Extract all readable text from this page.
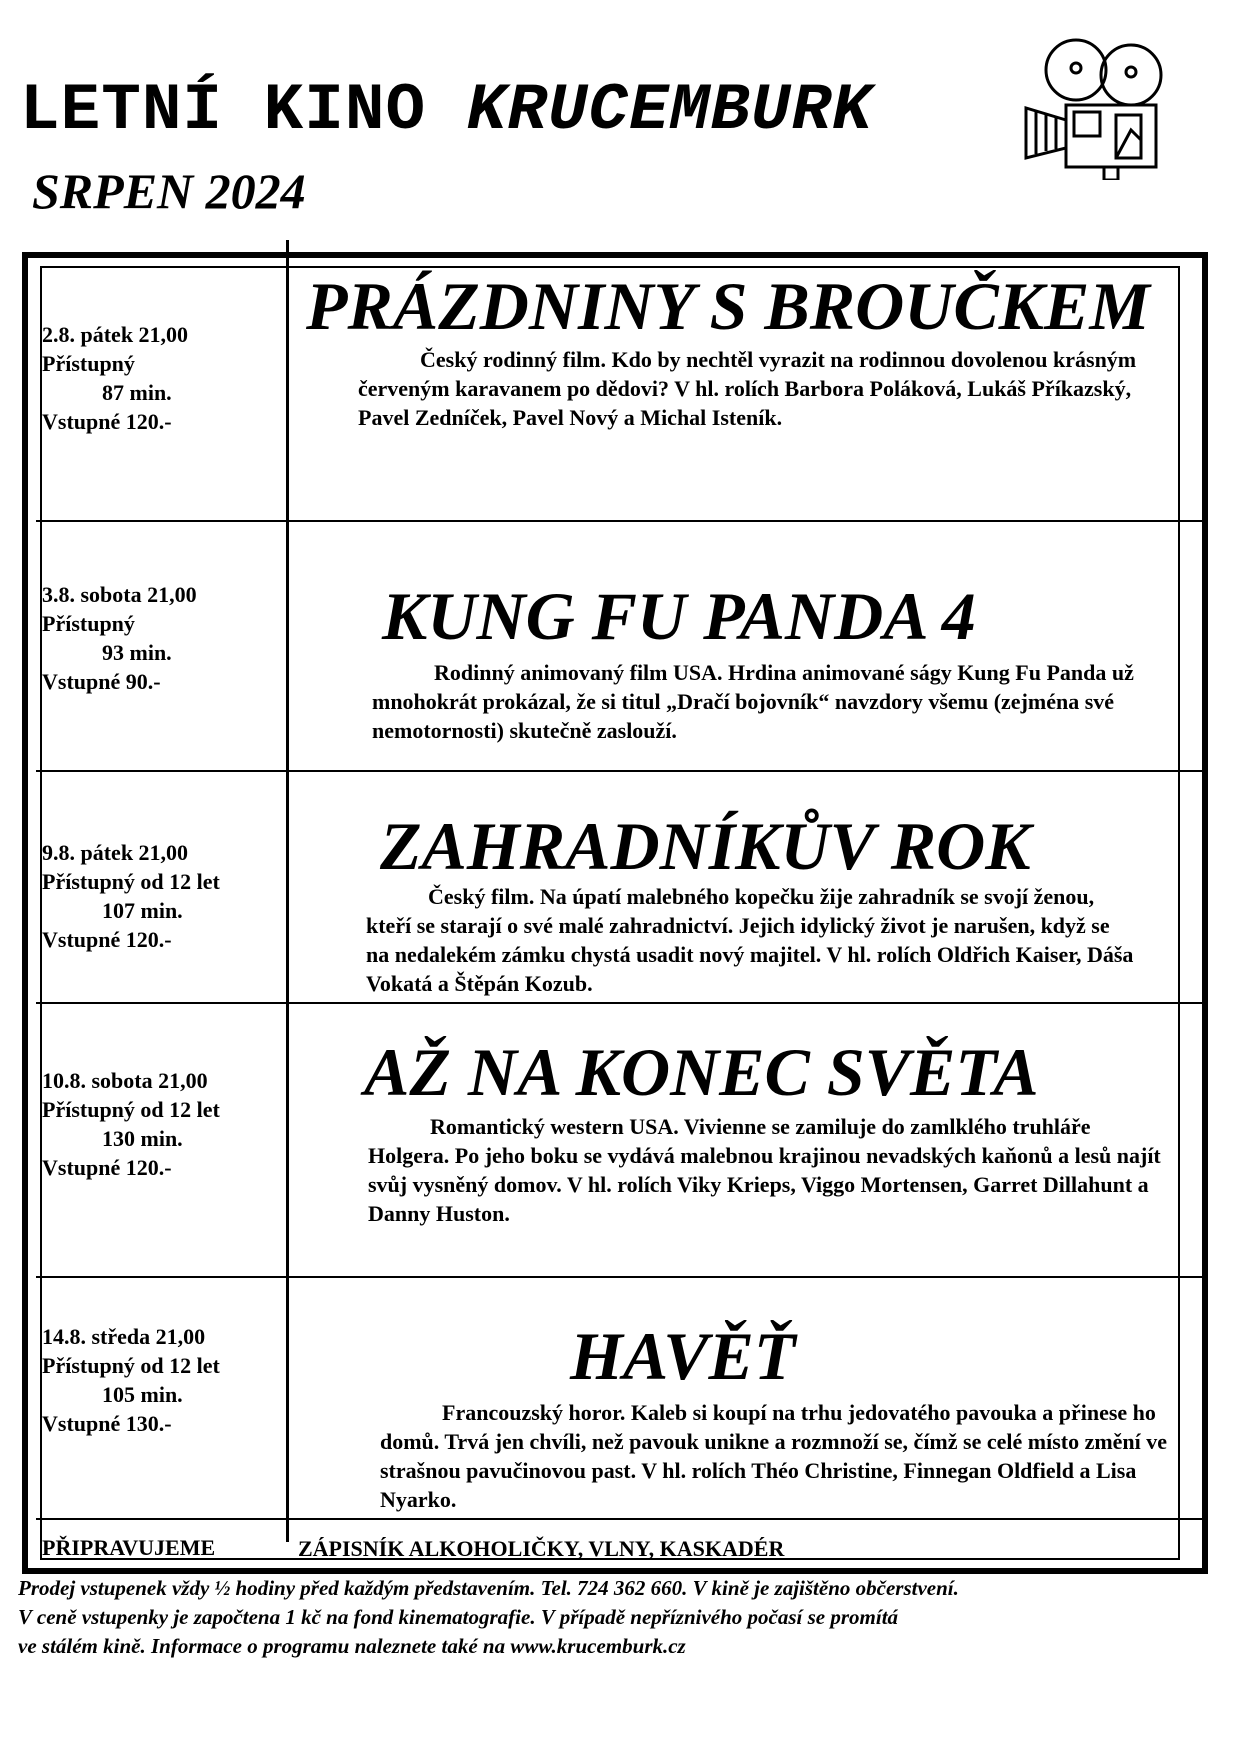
LETNÍ KINO KRUCEMBURK
SRPEN 2024
2.8. pátek 21,00
Přístupný
87 min.
Vstupné 120.-
PRÁZDNINY S BROUČKEM

Český rodinný film. Kdo by nechtěl vyrazit na rodinnou dovolenou krásným červeným karavanem po dědovi? V hl. rolích Barbora Poláková, Lukáš Příkazský, Pavel Zedníček, Pavel Nový a Michal Isteník.

3.8. sobota 21,00
Přístupný
93 min.
Vstupné 90.-
KUNG FU PANDA 4

Rodinný animovaný film USA. Hrdina animované ságy Kung Fu Panda už mnohokrát prokázal, že si titul „Dračí bojovník“ navzdory všemu (zejména své nemotornosti) skutečně zaslouží.

9.8. pátek 21,00
Přístupný od 12 let
107 min.
Vstupné 120.-
ZAHRADNÍKŮV ROK

Český film. Na úpatí malebného kopečku žije zahradník se svojí ženou, kteří se starají o své malé zahradnictví. Jejich idylický život je narušen, když se na nedalekém zámku chystá usadit nový majitel. V hl. rolích Oldřich Kaiser, Dáša Vokatá a Štěpán Kozub.

10.8. sobota 21,00
Přístupný od 12 let
130 min.
Vstupné 120.-
AŽ NA KONEC SVĚTA

Romantický western USA. Vivienne se zamiluje do zamlklého truhláře Holgera. Po jeho boku se vydává malebnou krajinou nevadských kaňonů a lesů najít svůj vysněný domov. V hl. rolích Viky Krieps, Viggo Mortensen, Garret Dillahunt a Danny Huston.

14.8. středa 21,00
Přístupný od 12 let
105 min.
Vstupné 130.-
HAVĚŤ

Francouzský horor. Kaleb si koupí na trhu jedovatého pavouka a přinese ho domů. Trvá jen chvíli, než pavouk unikne a rozmnoží se, čímž se celé místo změní ve strašnou pavučinovou past. V hl. rolích Théo Christine, Finnegan Oldfield a Lisa Nyarko.

PŘIPRAVUJEME	ZÁPISNÍK ALKOHOLIČKY, VLNY, KASKADÉR

Prodej vstupenek vždy ½ hodiny před každým představením. Tel. 724 362 660. V kině je zajištěno občerstvení.
V ceně vstupenky je započtena 1 kč na fond kinematografie. V případě nepříznivého počasí se promítá
ve stálém kině. Informace o programu naleznete také na www.krucemburk.cz
